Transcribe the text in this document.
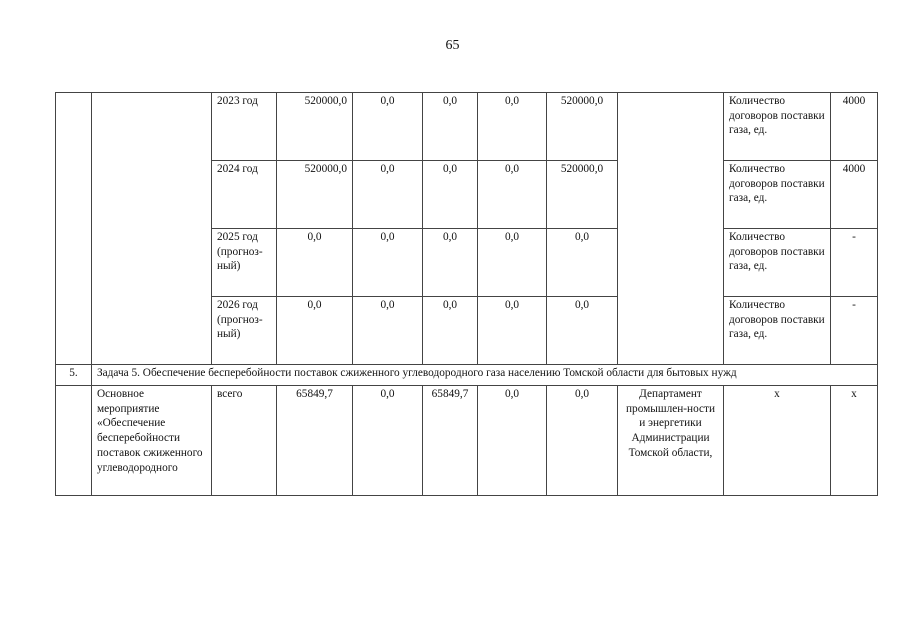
65
		2023 год	520000,0	0,0	0,0	0,0	520000,0		Количество договоров поставки газа, ед.	4000
		2024 год	520000,0	0,0	0,0	0,0	520000,0		Количество договоров поставки газа, ед.	4000
		2025 год (прогноз-ный)	0,0	0,0	0,0	0,0	0,0		Количество договоров поставки газа, ед.	-
		2026 год (прогноз-ный)	0,0	0,0	0,0	0,0	0,0		Количество договоров поставки газа, ед.	-
5.	Задача 5. Обеспечение бесперебойности поставок сжиженного углеводородного газа населению Томской области для бытовых нужд									
	Основное мероприятие «Обеспечение бесперебойности поставок сжиженного углеводородного	всего	65849,7	0,0	65849,7	0,0	0,0	Департамент промышлен-ности и энергетики Администрации Томской области,	х	х
